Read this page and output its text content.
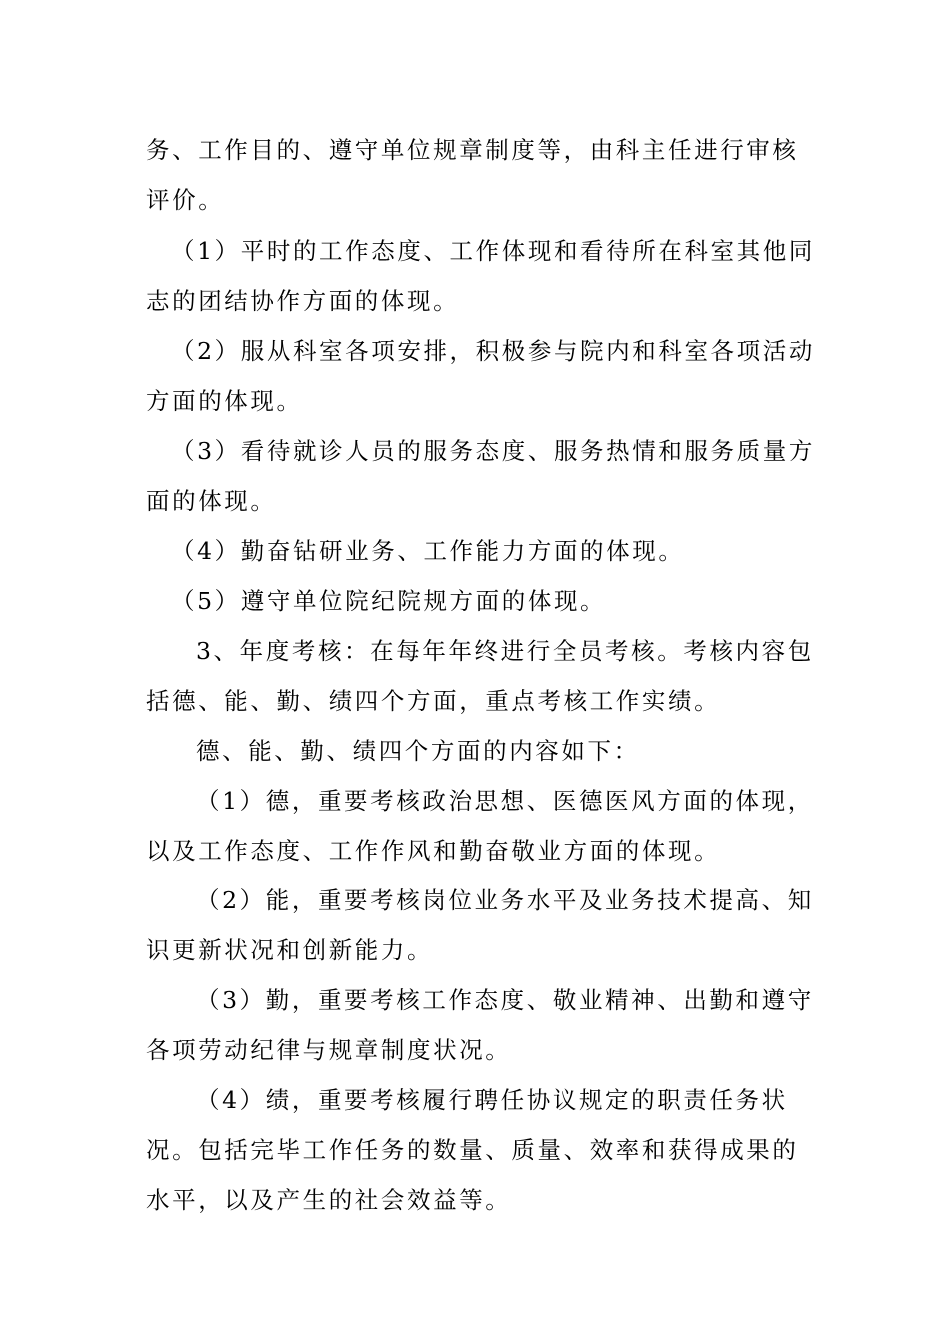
务、工作目的、遵守单位规章制度等，由科主任进行审核
评价。
（1）平时的工作态度、工作体现和看待所在科室其他同
志的团结协作方面的体现。
（2）服从科室各项安排，积极参与院内和科室各项活动
方面的体现。
（3）看待就诊人员的服务态度、服务热情和服务质量方
面的体现。
（4）勤奋钻研业务、工作能力方面的体现。
（5）遵守单位院纪院规方面的体现。
3、年度考核：在每年年终进行全员考核。考核内容包
括德、能、勤、绩四个方面，重点考核工作实绩。
德、能、勤、绩四个方面的内容如下：
（1）德，重要考核政治思想、医德医风方面的体现，
以及工作态度、工作作风和勤奋敬业方面的体现。
（2）能，重要考核岗位业务水平及业务技术提高、知
识更新状况和创新能力。
（3）勤，重要考核工作态度、敬业精神、出勤和遵守
各项劳动纪律与规章制度状况。
（4）绩，重要考核履行聘任协议规定的职责任务状
况。包括完毕工作任务的数量、质量、效率和获得成果的
水平，以及产生的社会效益等。
